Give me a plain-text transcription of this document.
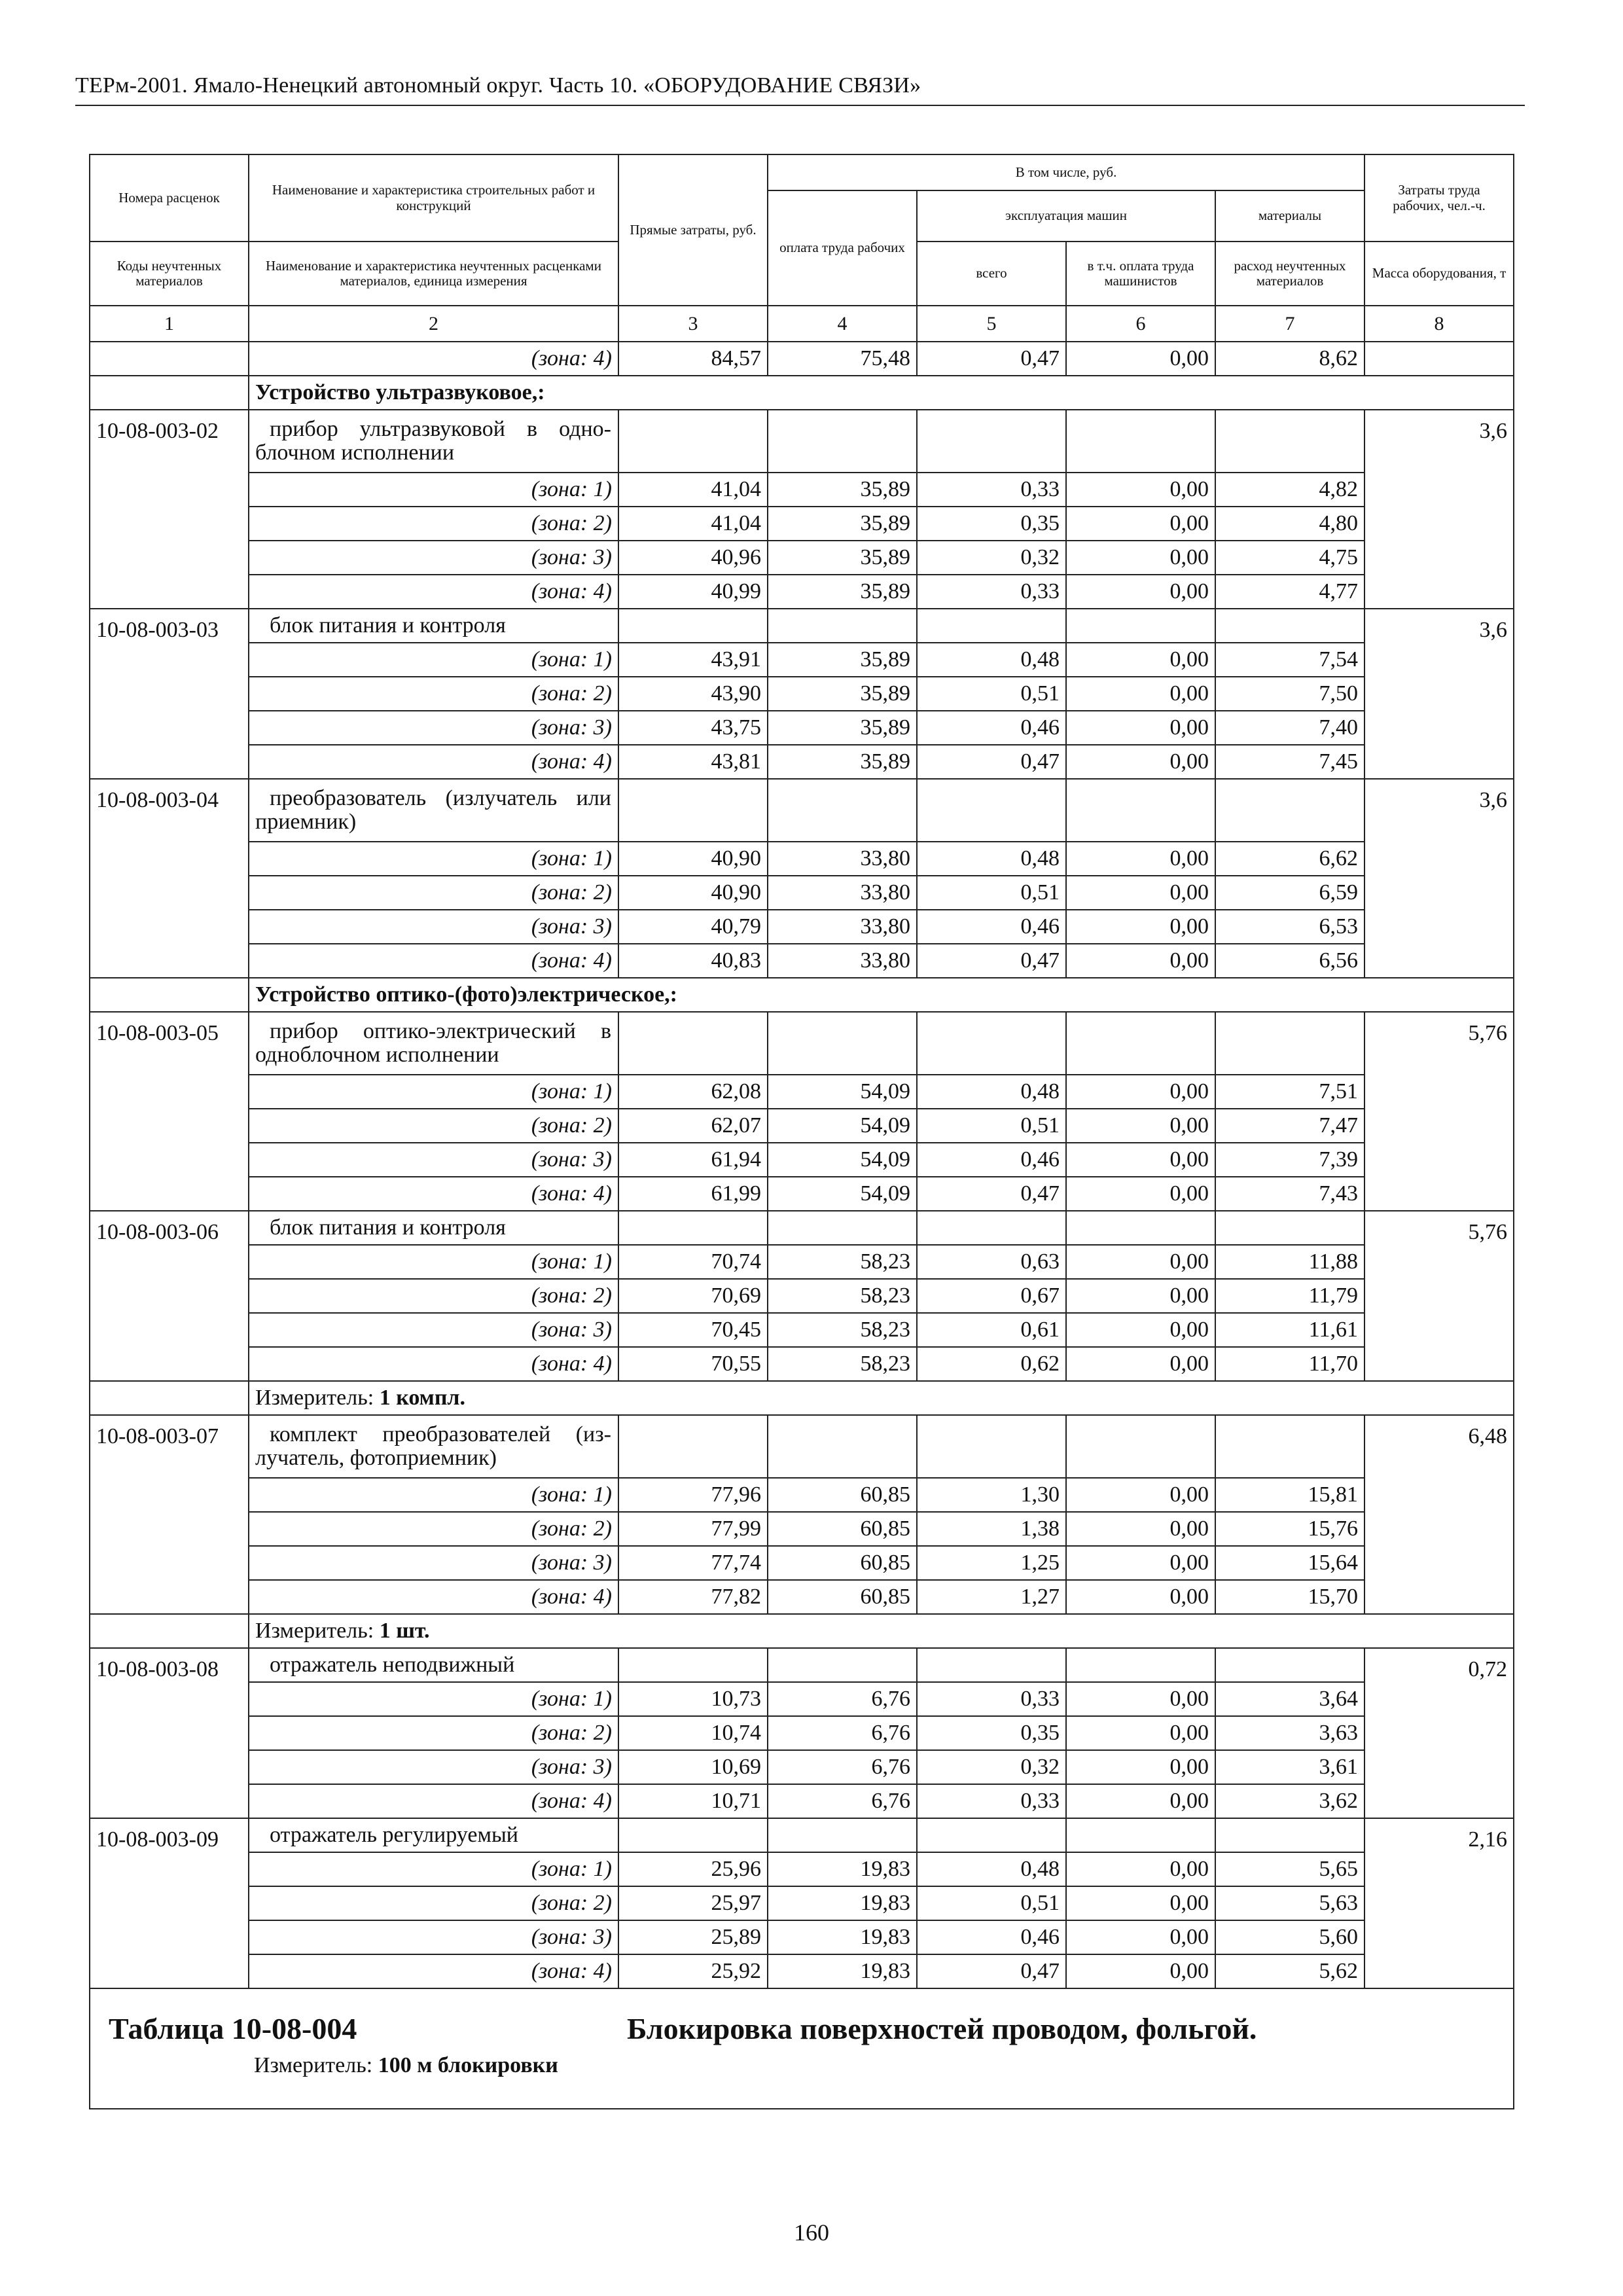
ТЕРм-2001. Ямало-Ненецкий автономный округ. Часть 10. «ОБОРУДОВАНИЕ СВЯЗИ»
Номера расценок	Наименование и характеристика строительных работ и конструкций	Прямые затраты, руб.	В том числе, руб.				Затраты труда рабочих, чел.-ч.
			оплата труда рабочих	эксплуатация машин		материалы	
Коды неучтенных материалов	Наименование и характеристика неучтенных расценками материалов, единица измерения			всего	в т.ч. оплата труда машинистов	расход неучтенных материалов	Масса оборудования, т
1	2	3	4	5	6	7	8
	(зона: 4)	84,57	75,48	0,47	0,00	8,62	
	Устройство ультразвуковое,:						
10-08-003-02	прибор ультразвуковой в одно-блочном исполнении						3,6
	(зона: 1)	41,04	35,89	0,33	0,00	4,82	
	(зона: 2)	41,04	35,89	0,35	0,00	4,80	
	(зона: 3)	40,96	35,89	0,32	0,00	4,75	
	(зона: 4)	40,99	35,89	0,33	0,00	4,77	
10-08-003-03	блок питания и контроля						3,6
	(зона: 1)	43,91	35,89	0,48	0,00	7,54	
	(зона: 2)	43,90	35,89	0,51	0,00	7,50	
	(зона: 3)	43,75	35,89	0,46	0,00	7,40	
	(зона: 4)	43,81	35,89	0,47	0,00	7,45	
10-08-003-04	преобразователь (излучатель или приемник)						3,6
	(зона: 1)	40,90	33,80	0,48	0,00	6,62	
	(зона: 2)	40,90	33,80	0,51	0,00	6,59	
	(зона: 3)	40,79	33,80	0,46	0,00	6,53	
	(зона: 4)	40,83	33,80	0,47	0,00	6,56	
	Устройство оптико-(фото)электрическое,:						
10-08-003-05	прибор оптико-электрический в одноблочном исполнении						5,76
	(зона: 1)	62,08	54,09	0,48	0,00	7,51	
	(зона: 2)	62,07	54,09	0,51	0,00	7,47	
	(зона: 3)	61,94	54,09	0,46	0,00	7,39	
	(зона: 4)	61,99	54,09	0,47	0,00	7,43	
10-08-003-06	блок питания и контроля						5,76
	(зона: 1)	70,74	58,23	0,63	0,00	11,88	
	(зона: 2)	70,69	58,23	0,67	0,00	11,79	
	(зона: 3)	70,45	58,23	0,61	0,00	11,61	
	(зона: 4)	70,55	58,23	0,62	0,00	11,70	
	Измеритель: 1 компл.						
10-08-003-07	комплект преобразователей (из-лучатель, фотоприемник)						6,48
	(зона: 1)	77,96	60,85	1,30	0,00	15,81	
	(зона: 2)	77,99	60,85	1,38	0,00	15,76	
	(зона: 3)	77,74	60,85	1,25	0,00	15,64	
	(зона: 4)	77,82	60,85	1,27	0,00	15,70	
	Измеритель: 1 шт.						
10-08-003-08	отражатель неподвижный						0,72
	(зона: 1)	10,73	6,76	0,33	0,00	3,64	
	(зона: 2)	10,74	6,76	0,35	0,00	3,63	
	(зона: 3)	10,69	6,76	0,32	0,00	3,61	
	(зона: 4)	10,71	6,76	0,33	0,00	3,62	
10-08-003-09	отражатель регулируемый						2,16
	(зона: 1)	25,96	19,83	0,48	0,00	5,65	
	(зона: 2)	25,97	19,83	0,51	0,00	5,63	
	(зона: 3)	25,89	19,83	0,46	0,00	5,60	
	(зона: 4)	25,92	19,83	0,47	0,00	5,62	

Таблица 10-08-004 Блокировка поверхностей проводом, фольгой.
Измеритель: 100 м блокировки							
160
